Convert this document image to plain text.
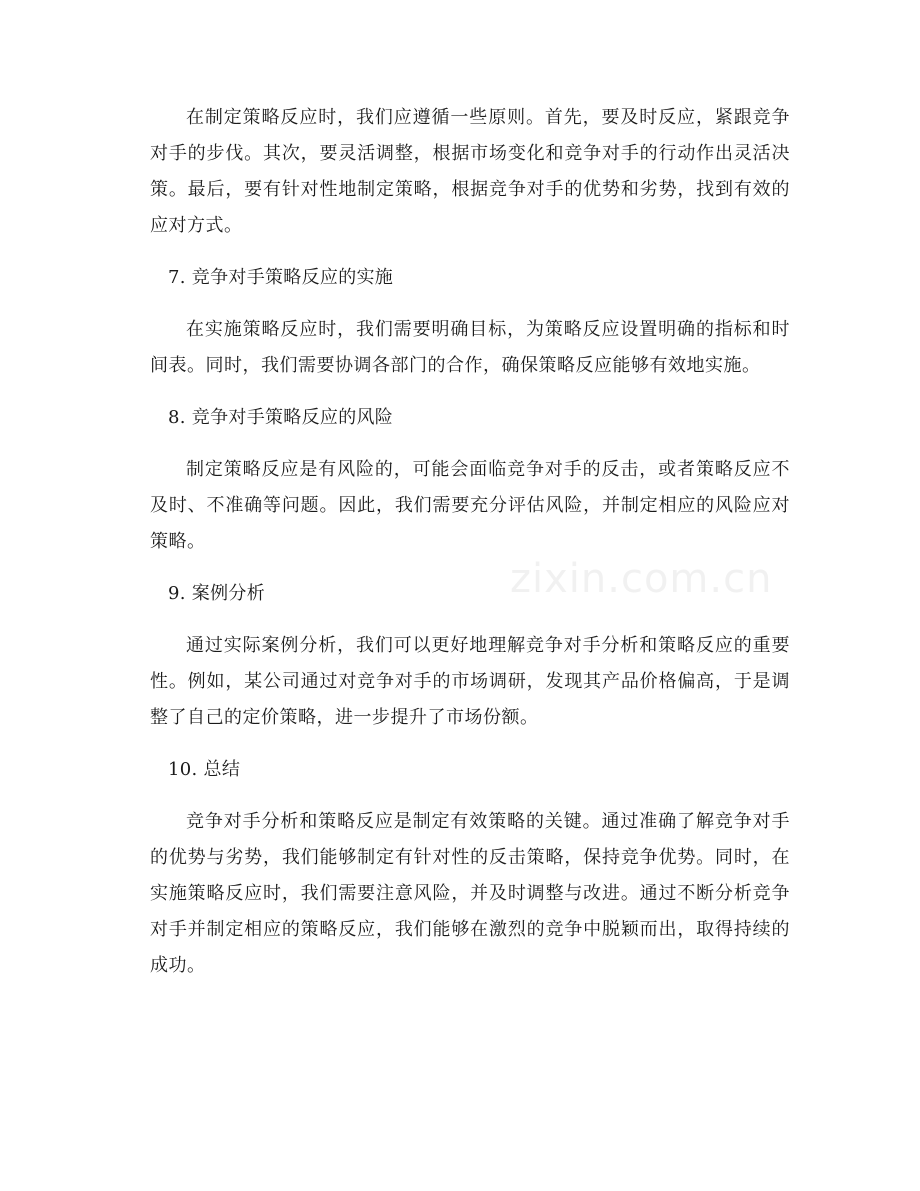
在制定策略反应时，我们应遵循一些原则。首先，要及时反应，紧跟竞争对手的步伐。其次，要灵活调整，根据市场变化和竞争对手的行动作出灵活决策。最后，要有针对性地制定策略，根据竞争对手的优势和劣势，找到有效的应对方式。

7. 竞争对手策略反应的实施

在实施策略反应时，我们需要明确目标，为策略反应设置明确的指标和时间表。同时，我们需要协调各部门的合作，确保策略反应能够有效地实施。

8. 竞争对手策略反应的风险

制定策略反应是有风险的，可能会面临竞争对手的反击，或者策略反应不及时、不准确等问题。因此，我们需要充分评估风险，并制定相应的风险应对策略。

9. 案例分析

通过实际案例分析，我们可以更好地理解竞争对手分析和策略反应的重要性。例如，某公司通过对竞争对手的市场调研，发现其产品价格偏高，于是调整了自己的定价策略，进一步提升了市场份额。

10. 总结

竞争对手分析和策略反应是制定有效策略的关键。通过准确了解竞争对手的优势与劣势，我们能够制定有针对性的反击策略，保持竞争优势。同时，在实施策略反应时，我们需要注意风险，并及时调整与改进。通过不断分析竞争对手并制定相应的策略反应，我们能够在激烈的竞争中脱颖而出，取得持续的成功。

zixin.com.cn
